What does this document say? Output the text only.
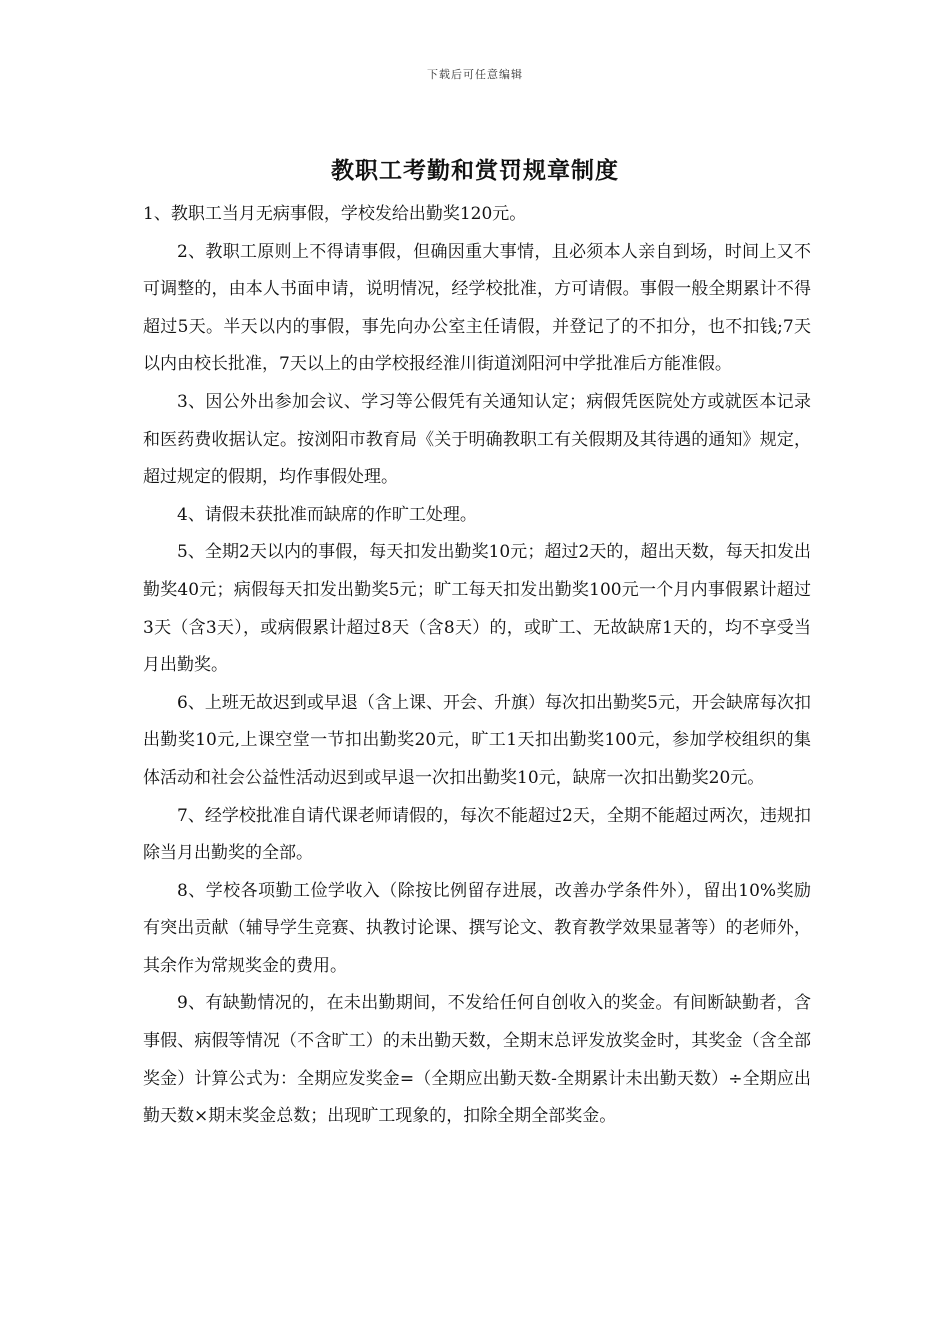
下载后可任意编辑
教职工考勤和赏罚规章制度

1、教职工当月无病事假，学校发给出勤奖120元。

2、教职工原则上不得请事假，但确因重大事情，且必须本人亲自到场，时间上又不可调整的，由本人书面申请，说明情况，经学校批准，方可请假。事假一般全期累计不得超过5天。半天以内的事假，事先向办公室主任请假，并登记了的不扣分，也不扣钱;7天以内由校长批准，7天以上的由学校报经淮川街道浏阳河中学批准后方能准假。

3、因公外出参加会议、学习等公假凭有关通知认定；病假凭医院处方或就医本记录和医药费收据认定。按浏阳市教育局《关于明确教职工有关假期及其待遇的通知》规定，超过规定的假期，均作事假处理。

4、请假未获批准而缺席的作旷工处理。

5、全期2天以内的事假，每天扣发出勤奖10元；超过2天的，超出天数，每天扣发出勤奖40元；病假每天扣发出勤奖5元；旷工每天扣发出勤奖100元一个月内事假累计超过3天（含3天），或病假累计超过8天（含8天）的，或旷工、无故缺席1天的，均不享受当月出勤奖。

6、上班无故迟到或早退（含上课、开会、升旗）每次扣出勤奖5元，开会缺席每次扣出勤奖10元,上课空堂一节扣出勤奖20元，旷工1天扣出勤奖100元，参加学校组织的集体活动和社会公益性活动迟到或早退一次扣出勤奖10元，缺席一次扣出勤奖20元。

7、经学校批准自请代课老师请假的，每次不能超过2天，全期不能超过两次，违规扣除当月出勤奖的全部。

8、学校各项勤工俭学收入（除按比例留存进展，改善办学条件外），留出10%奖励有突出贡献（辅导学生竞赛、执教讨论课、撰写论文、教育教学效果显著等）的老师外，其余作为常规奖金的费用。

9、有缺勤情况的，在未出勤期间，不发给任何自创收入的奖金。有间断缺勤者，含事假、病假等情况（不含旷工）的未出勤天数，全期末总评发放奖金时，其奖金（含全部奖金）计算公式为：全期应发奖金=（全期应出勤天数-全期累计未出勤天数）÷全期应出勤天数×期末奖金总数；出现旷工现象的，扣除全期全部奖金。
